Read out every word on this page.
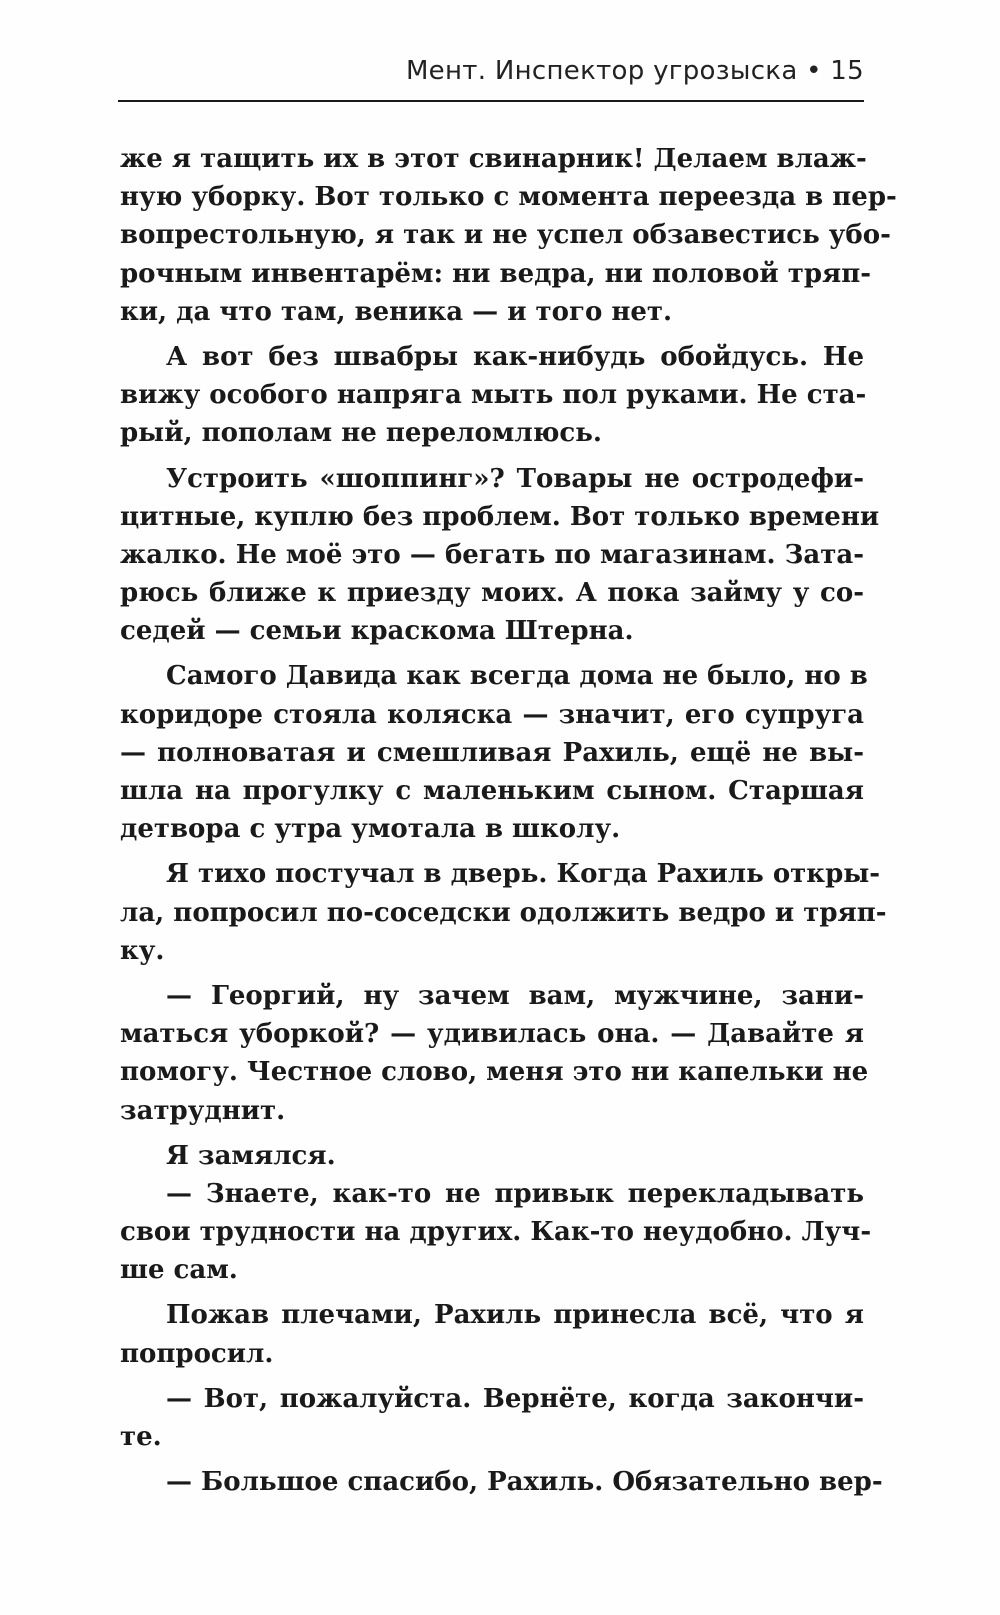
Мент. Инспектор угрозыска • 15
же я тащить их в этот свинарник! Делаем влаж-
ную уборку. Вот только с момента переезда в пер-
вопрестольную, я так и не успел обзавестись убо-
рочным инвентарём: ни ведра, ни половой тряп-
ки, да что там, веника — и того нет.
А вот без швабры как-нибудь обойдусь. Не
вижу особого напряга мыть пол руками. Не ста-
рый, пополам не переломлюсь.
Устроить «шоппинг»? Товары не остродефи-
цитные, куплю без проблем. Вот только времени
жалко. Не моё это — бегать по магазинам. Зата-
рюсь ближе к приезду моих. А пока займу у со-
седей — семьи краскома Штерна.
Самого Давида как всегда дома не было, но в
коридоре стояла коляска — значит, его супруга
— полноватая и смешливая Рахиль, ещё не вы-
шла на прогулку с маленьким сыном. Старшая
детвора с утра умотала в школу.
Я тихо постучал в дверь. Когда Рахиль откры-
ла, попросил по-соседски одолжить ведро и тряп-
ку.
— Георгий, ну зачем вам, мужчине, зани-
маться уборкой? — удивилась она. — Давайте я
помогу. Честное слово, меня это ни капельки не
затруднит.
Я замялся.
— Знаете, как-то не привык перекладывать
свои трудности на других. Как-то неудобно. Луч-
ше сам.
Пожав плечами, Рахиль принесла всё, что я
попросил.
— Вот, пожалуйста. Вернёте, когда закончи-
те.
— Большое спасибо, Рахиль. Обязательно вер-
